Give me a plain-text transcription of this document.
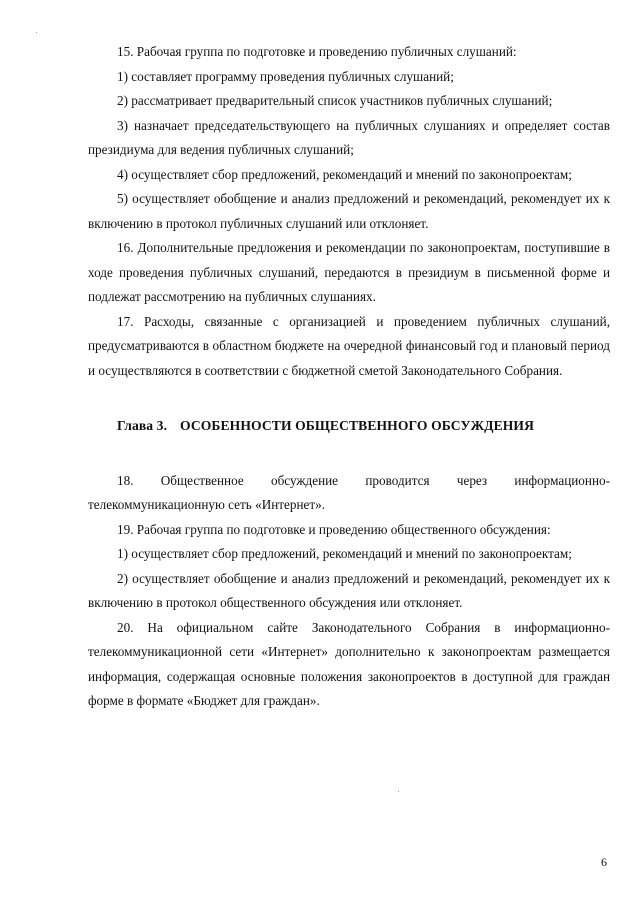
15. Рабочая группа по подготовке и проведению публичных слушаний:

1) составляет программу проведения публичных слушаний;

2) рассматривает предварительный список участников публичных слушаний;

3) назначает председательствующего на публичных слушаниях и определяет состав президиума для ведения публичных слушаний;

4) осуществляет сбор предложений, рекомендаций и мнений по законопроектам;

5) осуществляет обобщение и анализ предложений и рекомендаций, рекомендует их к включению в протокол публичных слушаний или отклоняет.

16. Дополнительные предложения и рекомендации по законопроектам, поступившие в ходе проведения публичных слушаний, передаются в президиум в письменной форме и подлежат рассмотрению на публичных слушаниях.

17. Расходы, связанные с организацией и проведением публичных слушаний, предусматриваются в областном бюджете на очередной финансовый год и плановый период и осуществляются в соответствии с бюджетной сметой Законодательного Собрания.

Глава 3. ОСОБЕННОСТИ ОБЩЕСТВЕННОГО ОБСУЖДЕНИЯ

18. Общественное обсуждение проводится через информационно-телекоммуникационную сеть «Интернет».

19. Рабочая группа по подготовке и проведению общественного обсуждения:

1) осуществляет сбор предложений, рекомендаций и мнений по законопроектам;

2) осуществляет обобщение и анализ предложений и рекомендаций, рекомендует их к включению в протокол общественного обсуждения или отклоняет.

20. На официальном сайте Законодательного Собрания в информационно-телекоммуникационной сети «Интернет» дополнительно к законопроектам размещается информация, содержащая основные положения законопроектов в доступной для граждан форме в формате «Бюджет для граждан».

6
